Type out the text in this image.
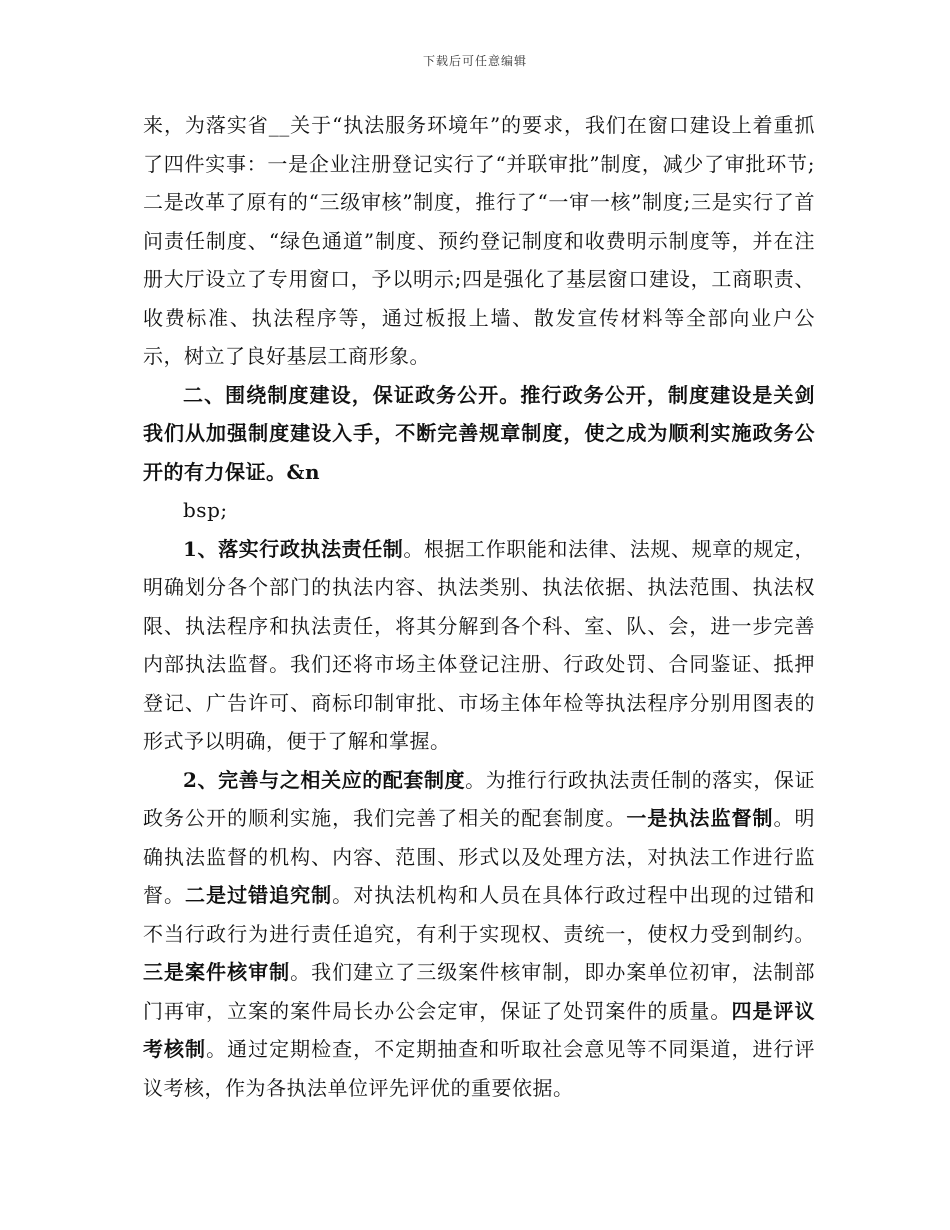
下载后可任意编辑

来，为落实省__关于“执法服务环境年”的要求，我们在窗口建设上着重抓了四件实事：一是企业注册登记实行了“并联审批”制度，减少了审批环节;二是改革了原有的“三级审核”制度，推行了“一审一核”制度;三是实行了首问责任制度、“绿色通道”制度、预约登记制度和收费明示制度等，并在注册大厅设立了专用窗口，予以明示;四是强化了基层窗口建设，工商职责、收费标准、执法程序等，通过板报上墙、散发宣传材料等全部向业户公示，树立了良好基层工商形象。

二、围绕制度建设，保证政务公开。推行政务公开，制度建设是关剑我们从加强制度建设入手，不断完善规章制度，使之成为顺利实施政务公开的有力保证。&n

bsp;

1、落实行政执法责任制。根据工作职能和法律、法规、规章的规定，明确划分各个部门的执法内容、执法类别、执法依据、执法范围、执法权限、执法程序和执法责任，将其分解到各个科、室、队、会，进一步完善内部执法监督。我们还将市场主体登记注册、行政处罚、合同鉴证、抵押登记、广告许可、商标印制审批、市场主体年检等执法程序分别用图表的形式予以明确，便于了解和掌握。

2、完善与之相关应的配套制度。为推行行政执法责任制的落实，保证政务公开的顺利实施，我们完善了相关的配套制度。一是执法监督制。明确执法监督的机构、内容、范围、形式以及处理方法，对执法工作进行监督。二是过错追究制。对执法机构和人员在具体行政过程中出现的过错和不当行政行为进行责任追究，有利于实现权、责统一，使权力受到制约。三是案件核审制。我们建立了三级案件核审制，即办案单位初审，法制部门再审，立案的案件局长办公会定审，保证了处罚案件的质量。四是评议考核制。通过定期检查，不定期抽查和听取社会意见等不同渠道，进行评议考核，作为各执法单位评先评优的重要依据。
